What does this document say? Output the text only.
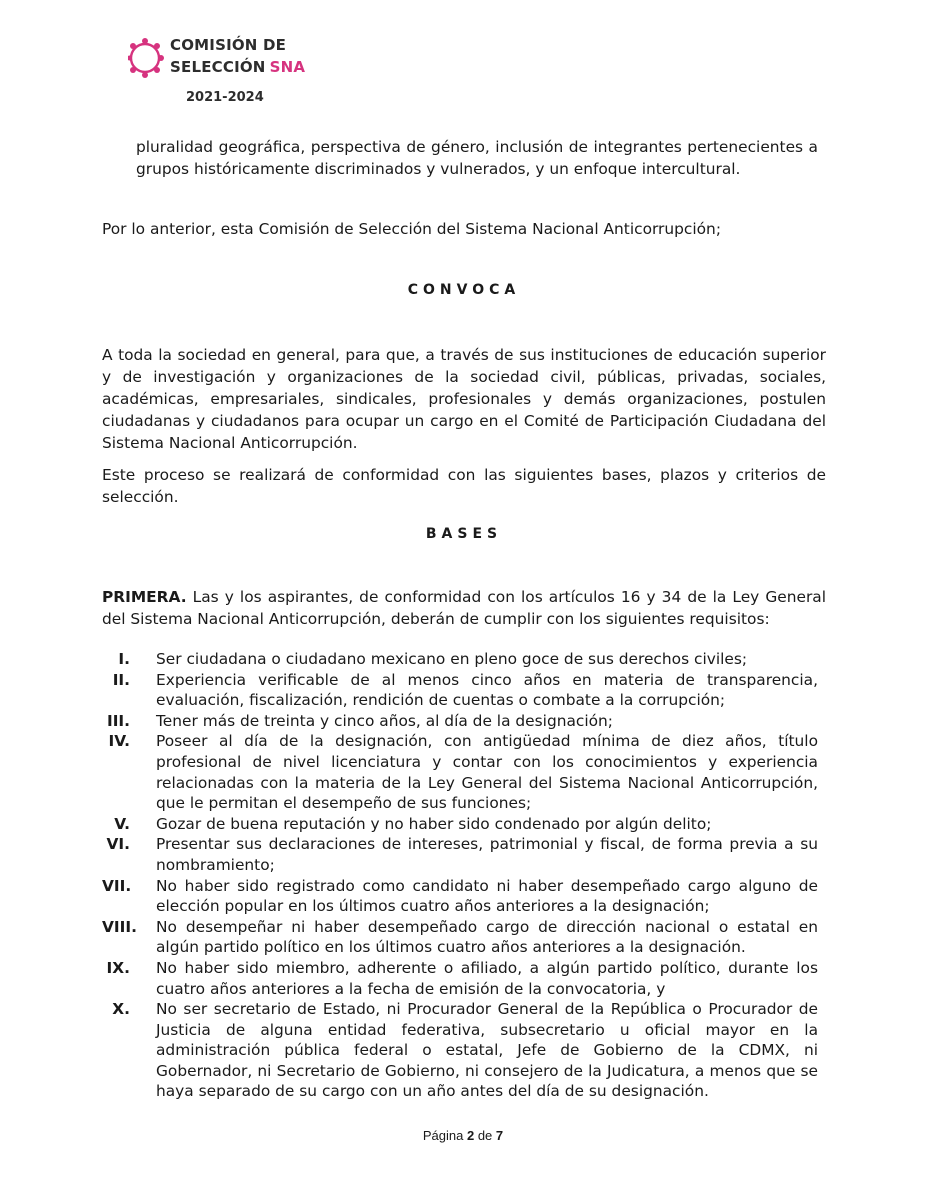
COMISIÓN DE
SELECCIÓN SNA
2021-2024
pluralidad geográfica, perspectiva de género, inclusión de integrantes pertenecientes a grupos históricamente discriminados y vulnerados, y un enfoque intercultural.
Por lo anterior, esta Comisión de Selección del Sistema Nacional Anticorrupción;
CONVOCA
A toda la sociedad en general, para que, a través de sus instituciones de educación superior y de investigación y organizaciones de la sociedad civil, públicas, privadas, sociales, académicas, empresariales, sindicales, profesionales y demás organizaciones, postulen ciudadanas y ciudadanos para ocupar un cargo en el Comité de Participación Ciudadana del Sistema Nacional Anticorrupción.
Este proceso se realizará de conformidad con las siguientes bases, plazos y criterios de selección.
BASES
PRIMERA. Las y los aspirantes, de conformidad con los artículos 16 y 34 de la Ley General del Sistema Nacional Anticorrupción, deberán de cumplir con los siguientes requisitos:
I. Ser ciudadana o ciudadano mexicano en pleno goce de sus derechos civiles;
II. Experiencia verificable de al menos cinco años en materia de transparencia, evaluación, fiscalización, rendición de cuentas o combate a la corrupción;
III. Tener más de treinta y cinco años, al día de la designación;
IV. Poseer al día de la designación, con antigüedad mínima de diez años, título profesional de nivel licenciatura y contar con los conocimientos y experiencia relacionadas con la materia de la Ley General del Sistema Nacional Anticorrupción, que le permitan el desempeño de sus funciones;
V. Gozar de buena reputación y no haber sido condenado por algún delito;
VI. Presentar sus declaraciones de intereses, patrimonial y fiscal, de forma previa a su nombramiento;
VII. No haber sido registrado como candidato ni haber desempeñado cargo alguno de elección popular en los últimos cuatro años anteriores a la designación;
VIII. No desempeñar ni haber desempeñado cargo de dirección nacional o estatal en algún partido político en los últimos cuatro años anteriores a la designación.
IX. No haber sido miembro, adherente o afiliado, a algún partido político, durante los cuatro años anteriores a la fecha de emisión de la convocatoria, y
X. No ser secretario de Estado, ni Procurador General de la República o Procurador de Justicia de alguna entidad federativa, subsecretario u oficial mayor en la administración pública federal o estatal, Jefe de Gobierno de la CDMX, ni Gobernador, ni Secretario de Gobierno, ni consejero de la Judicatura, a menos que se haya separado de su cargo con un año antes del día de su designación.
Página 2 de 7
